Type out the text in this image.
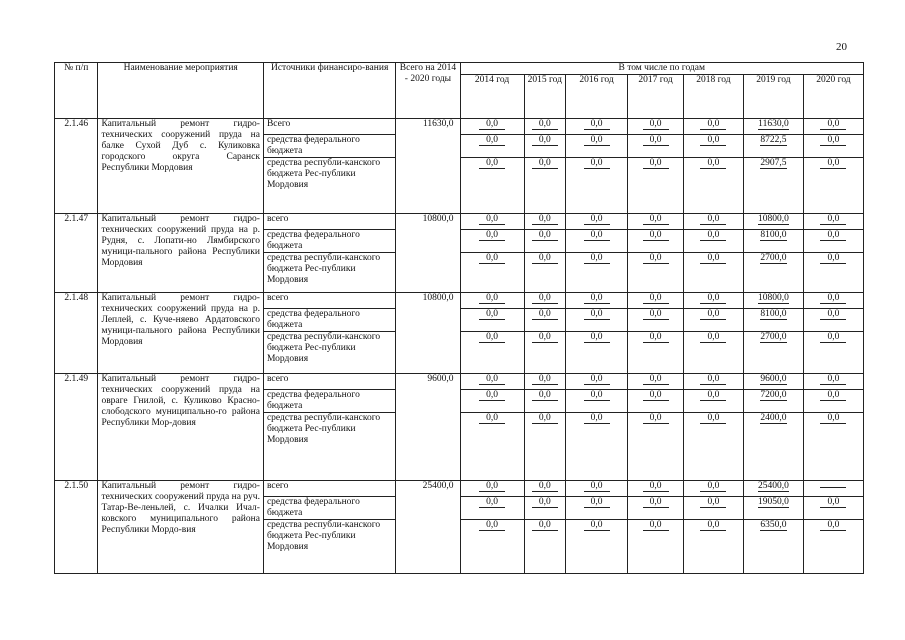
20
№ п/п	Наименование мероприятия	Источники финансиро-вания	Всего на 2014 - 2020 годы	В том числе по годам						
				2014 год	2015 год	2016 год	2017 год	2018 год	2019 год	2020 год
2.1.46	Капитальный ремонт гидро-технических сооружений пруда на балке Сухой Дуб с. Куликовка городского округа Саранск Республики Мордовия	Всего	11630,0	0,0	0,0	0,0	0,0	0,0	11630,0	0,0
		средства федерального бюджета		0,0	0,0	0,0	0,0	0,0	8722,5	0,0
		средства республи-канского бюджета Рес-публики Мордовия		0,0	0,0	0,0	0,0	0,0	2907,5	0,0
2.1.47	Капитальный ремонт гидро-технических сооружений пруда на р. Рудня, с. Лопати-но Лямбирского муници-пального района Республики Мордовия	всего	10800,0	0,0	0,0	0,0	0,0	0,0	10800,0	0,0
		средства федерального бюджета		0,0	0,0	0,0	0,0	0,0	8100,0	0,0
		средства республи-канского бюджета Рес-публики Мордовия		0,0	0,0	0,0	0,0	0,0	2700,0	0,0
2.1.48	Капитальный ремонт гидро-технических сооружений пруда на р. Леплей, с. Куче-няево Ардатовского муници-пального района Республики Мордовия	всего	10800,0	0,0	0,0	0,0	0,0	0,0	10800,0	0,0
		средства федерального бюджета		0,0	0,0	0,0	0,0	0,0	8100,0	0,0
		средства республи-канского бюджета Рес-публики Мордовия		0,0	0,0	0,0	0,0	0,0	2700,0	0,0
2.1.49	Капитальный ремонт гидро-технических сооружений пруда на овраге Гнилой, с. Куликово Красно-слободского муниципально-го района Республики Мор-довия	всего	9600,0	0,0	0,0	0,0	0,0	0,0	9600,0	0,0
		средства федерального бюджета		0,0	0,0	0,0	0,0	0,0	7200,0	0,0
		средства республи-канского бюджета Рес-публики Мордовия		0,0	0,0	0,0	0,0	0,0	2400,0	0,0
2.1.50	Капитальный ремонт гидро-технических сооружений пруда на руч. Татар-Ве-леньлей, с. Ичалки Ичал-ковского муниципального района Республики Мордо-вия	всего	25400,0	0,0	0,0	0,0	0,0	0,0	25400,0	
		средства федерального бюджета		0,0	0,0	0,0	0,0	0,0	19050,0	0,0
		средства республи-канского бюджета Рес-публики Мордовия		0,0	0,0	0,0	0,0	0,0	6350,0	0,0
